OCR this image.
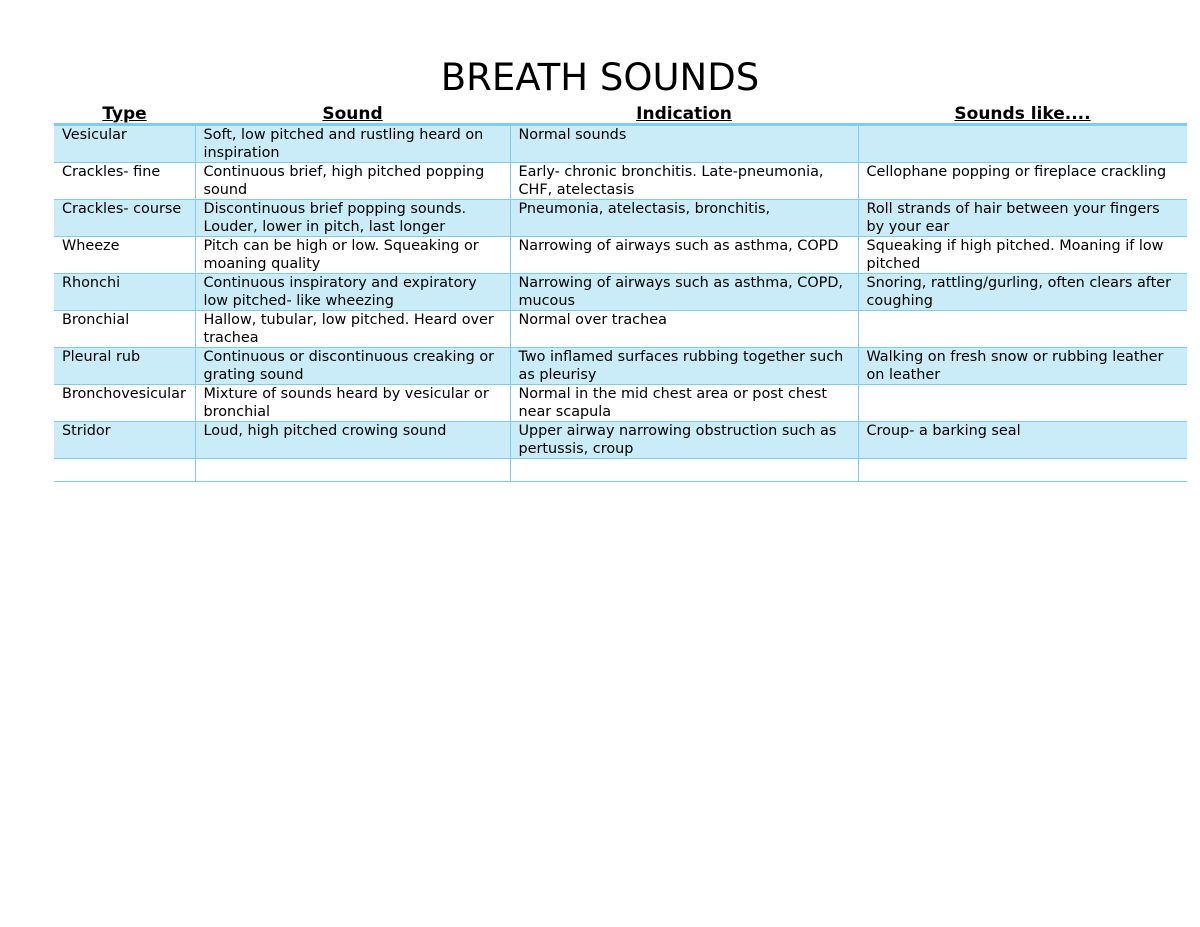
BREATH SOUNDS
Type	Sound	Indication	Sounds like....
Vesicular	Soft, low pitched and rustling heard on inspiration	Normal sounds	
Crackles- fine	Continuous brief, high pitched popping sound	Early- chronic bronchitis. Late-pneumonia, CHF, atelectasis	Cellophane popping or fireplace crackling
Crackles- course	Discontinuous brief popping sounds. Louder, lower in pitch, last longer	Pneumonia, atelectasis, bronchitis,	Roll strands of hair between your fingers by your ear
Wheeze	Pitch can be high or low. Squeaking or moaning quality	Narrowing of airways such as asthma, COPD	Squeaking if high pitched. Moaning if low pitched
Rhonchi	Continuous inspiratory and expiratory low pitched- like wheezing	Narrowing of airways such as asthma, COPD, mucous	Snoring, rattling/gurling, often clears after coughing
Bronchial	Hallow, tubular, low pitched. Heard over trachea	Normal over trachea	
Pleural rub	Continuous or discontinuous creaking or grating sound	Two inflamed surfaces rubbing together such as pleurisy	Walking on fresh snow or rubbing leather on leather
Bronchovesicular	Mixture of sounds heard by vesicular or bronchial	Normal in the mid chest area or post chest near scapula	
Stridor	Loud, high pitched crowing sound	Upper airway narrowing obstruction such as pertussis, croup	Croup- a barking seal
